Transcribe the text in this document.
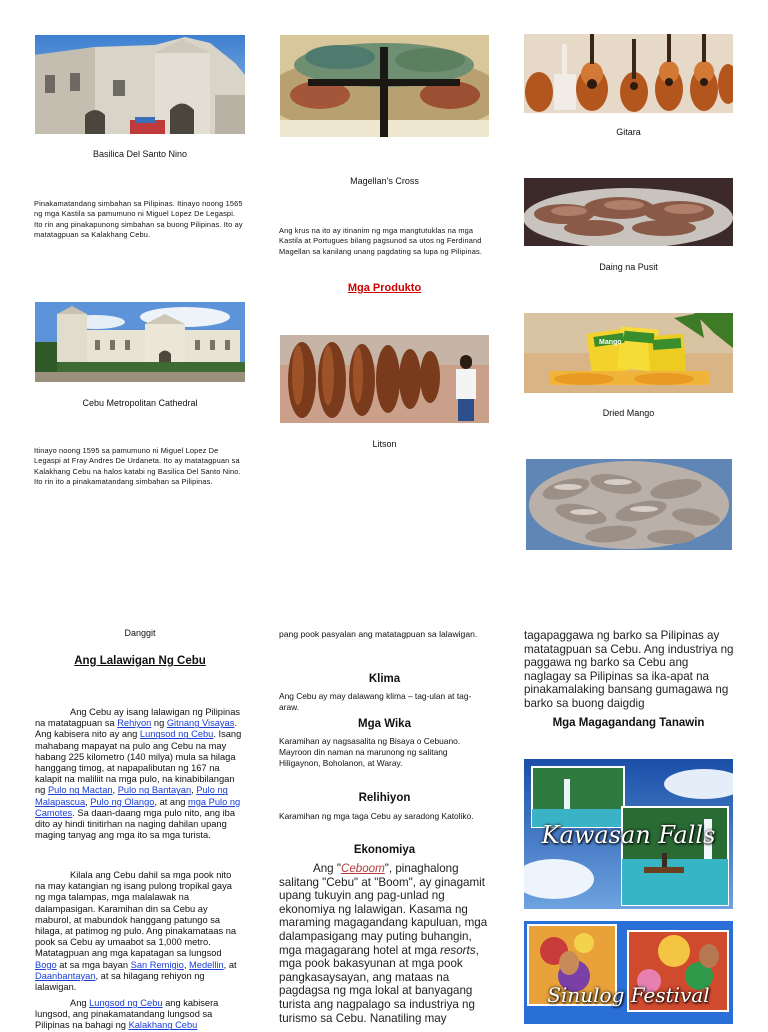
Basilica Del Santo Nino
Pinakamatandang simbahan sa Pilipinas. Itinayo noong 1565 ng mga Kastila sa pamumuno ni Miguel Lopez De Legaspi. Ito rin ang pinakapunong simbahan sa buong Pilipinas. Ito ay matatagpuan sa Kalakhang Cebu.
Cebu Metropolitan Cathedral
Itinayo noong 1595 sa pamumuno ni Miguel Lopez De Legaspi at Fray Andres De Urdaneta. Ito ay matatagpuan sa Kalakhang Cebu na halos katabi ng Basilica Del Santo Nino. Ito rin ito a pinakamatandang simbahan sa Pilipinas.
Danggit
Ang Lalawigan Ng Cebu
Ang Cebu ay isang lalawigan ng Pilipinas na matatagpuan sa Rehiyon ng Gitnang Visayas. Ang kabisera nito ay ang Lungsod ng Cebu. Isang mahabang mapayat na pulo ang Cebu na may habang 225 kilometro (140 milya) mula sa hilaga hanggang timog, at napapalibutan ng 167 na kalapit na maliliit na mga pulo, na kinabibilangan ng Pulo ng Mactan, Pulo ng Bantayan, Pulo ng Malapascua, Pulo ng Olango, at ang mga Pulo ng Camotes. Sa daan-daang mga pulo nito, ang iba dito ay hindi tinitirhan na naging dahilan upang maging tanyag ang mga ito sa mga turista.
Kilala ang Cebu dahil sa mga pook nito na may katangian ng isang pulong tropikal gaya ng mga talampas, mga malalawak na dalampasigan. Karamihan din sa Cebu ay maburol, at mabundok hanggang patungo sa hilaga, at patimog ng pulo. Ang pinakamataas na pook sa Cebu ay umaabot sa 1,000 metro. Matatagpuan ang mga kapatagan sa lungsod Bogo at sa mga bayan San Remigio, Medellin, at Daanbantayan, at sa hilagang rehiyon ng lalawigan.
Ang Lungsod ng Cebu ang kabisera lungsod, ang pinakamatandang lungsod sa Pilipinas na bahagi ng Kalakhang Cebu
Magellan's Cross
Ang krus na ito ay itinanim ng mga mangtutuklas na mga Kastila at Portugues bilang pagsunod sa utos ng Ferdinand Magellan sa kanilang unang pagdating sa lupa ng Pilipinas.
Mga Produkto
Litson
pang pook pasyalan ang matatagpuan sa lalawigan.
Klima
Ang Cebu ay may dalawang klima – tag-ulan at tag-araw.
Mga Wika
Karamihan ay nagsasalita ng Bisaya o Cebuano. Mayroon din naman na marunong ng salitang Hiligaynon, Boholanon, at Waray.
Relihiyon
Karamihan ng mga taga Cebu ay saradong Katoliko.
Ekonomiya
Ang "Ceboom", pinaghalong salitang "Cebu" at "Boom", ay ginagamit upang tukuyin ang pag-unlad ng ekonomiya ng lalawigan. Kasama ng maraming magagandang kapuluan, mga dalampasigang may puting buhangin, mga magagarang hotel at mga resorts, mga pook bakasyunan at mga pook pangkasaysayan, ang mataas na pagdagsa ng mga lokal at banyagang turista ang nagpalago sa industriya ng turismo sa Cebu. Nanatiling may
Gitara
Daing na Pusit
Mango
Dried Mango
tagapaggawa ng barko sa Pilipinas ay matatagpuan sa Cebu. Ang industriya ng paggawa ng barko sa Cebu ang naglagay sa Pilipinas sa ika-apat na pinakamalaking bansang gumagawa ng barko sa buong daigdig
Mga Magagandang Tanawin
Kawasan Falls
Sinulog Festival
